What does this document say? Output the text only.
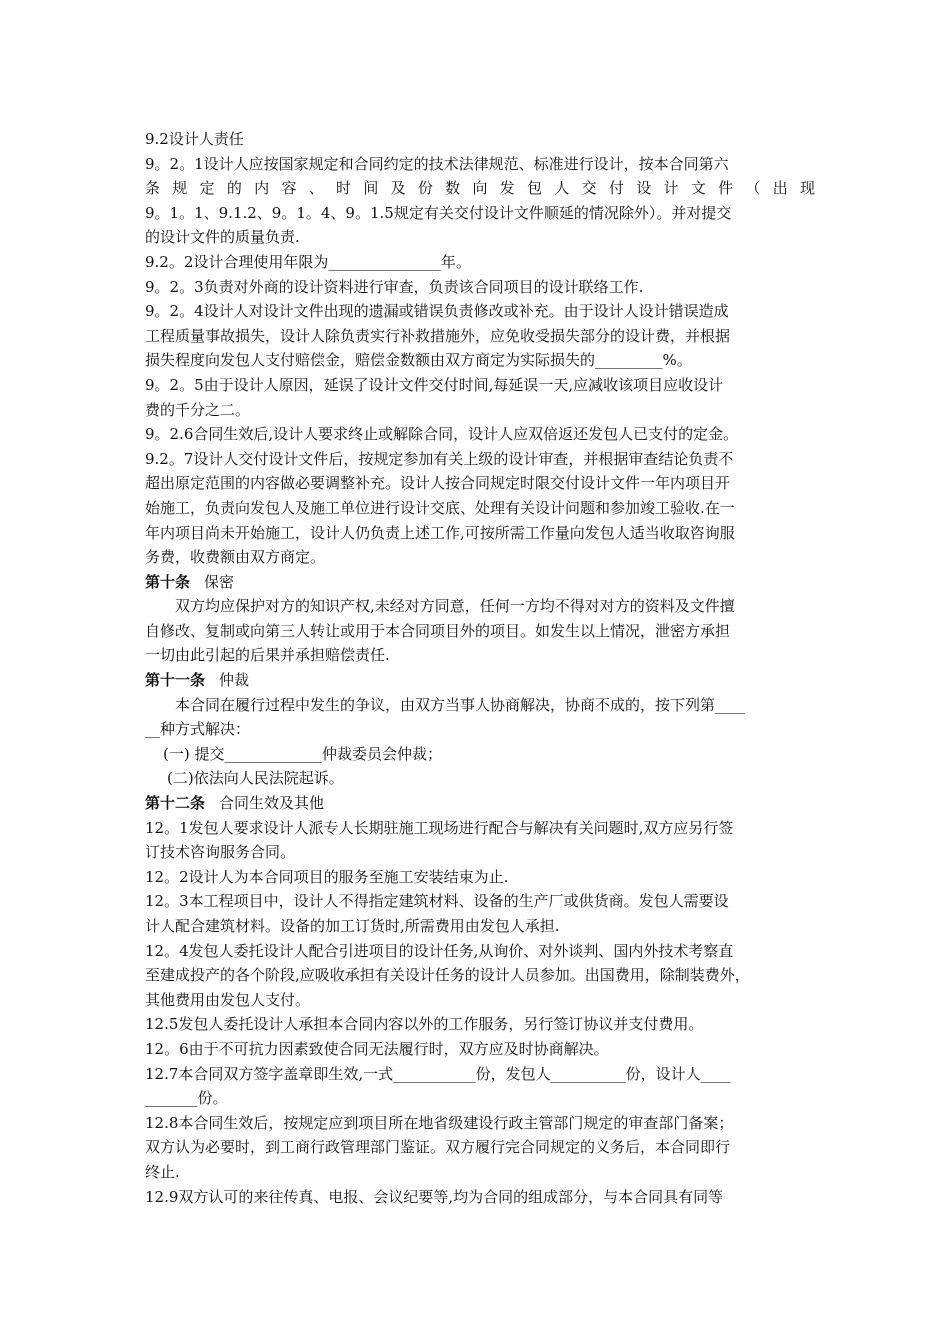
9.2设计人责任
9。2。1设计人应按国家规定和合同约定的技术法律规范、标准进行设计，按本合同第六
条规定的内容、时间及份数向发包人交付设计文件（出现
9。1。1、9.1.2、9。1。4、9。1.5规定有关交付设计文件顺延的情况除外）。并对提交
的设计文件的质量负责.
9.2。2设计合理使用年限为_______________年。
9。2。3负责对外商的设计资料进行审查，负责该合同项目的设计联络工作.
9。2。4设计人对设计文件出现的遗漏或错误负责修改或补充。由于设计人设计错误造成
工程质量事故损失，设计人除负责实行补救措施外，应免收受损失部分的设计费，并根据
损失程度向发包人支付赔偿金，赔偿金数额由双方商定为实际损失的_________%。
9。2。5由于设计人原因，延误了设计文件交付时间,每延误一天,应减收该项目应收设计
费的千分之二。
9。2.6合同生效后,设计人要求终止或解除合同，设计人应双倍返还发包人已支付的定金。
9.2。7设计人交付设计文件后，按规定参加有关上级的设计审查，并根据审查结论负责不
超出原定范围的内容做必要调整补充。设计人按合同规定时限交付设计文件一年内项目开
始施工，负责向发包人及施工单位进行设计交底、处理有关设计问题和参加竣工验收.在一
年内项目尚未开始施工，设计人仍负责上述工作,可按所需工作量向发包人适当收取咨询服
务费，收费额由双方商定。
第十条 保密
双方均应保护对方的知识产权,未经对方同意，任何一方均不得对对方的资料及文件擅
自修改、复制或向第三人转让或用于本合同项目外的项目。如发生以上情况，泄密方承担
一切由此引起的后果并承担赔偿责任.
第十一条 仲裁
本合同在履行过程中发生的争议，由双方当事人协商解决，协商不成的，按下列第____
__种方式解决：
(一) 提交_____________仲裁委员会仲裁；
(二)依法向人民法院起诉。
第十二条 合同生效及其他
12。1发包人要求设计人派专人长期驻施工现场进行配合与解决有关问题时,双方应另行签
订技术咨询服务合同。
12。2设计人为本合同项目的服务至施工安装结束为止.
12。3本工程项目中，设计人不得指定建筑材料、设备的生产厂或供货商。发包人需要设
计人配合建筑材料。设备的加工订货时,所需费用由发包人承担.
12。4发包人委托设计人配合引进项目的设计任务,从询价、对外谈判、国内外技术考察直
至建成投产的各个阶段,应吸收承担有关设计任务的设计人员参加。出国费用，除制装费外，
其他费用由发包人支付。
12.5发包人委托设计人承担本合同内容以外的工作服务，另行签订协议并支付费用。
12。6由于不可抗力因素致使合同无法履行时，双方应及时协商解决。
12.7本合同双方签字盖章即生效,一式___________份，发包人__________份，设计人____
_______份。
12.8本合同生效后，按规定应到项目所在地省级建设行政主管部门规定的审查部门备案；
双方认为必要时，到工商行政管理部门鉴证。双方履行完合同规定的义务后，本合同即行
终止.
12.9双方认可的来往传真、电报、会议纪要等,均为合同的组成部分，与本合同具有同等
